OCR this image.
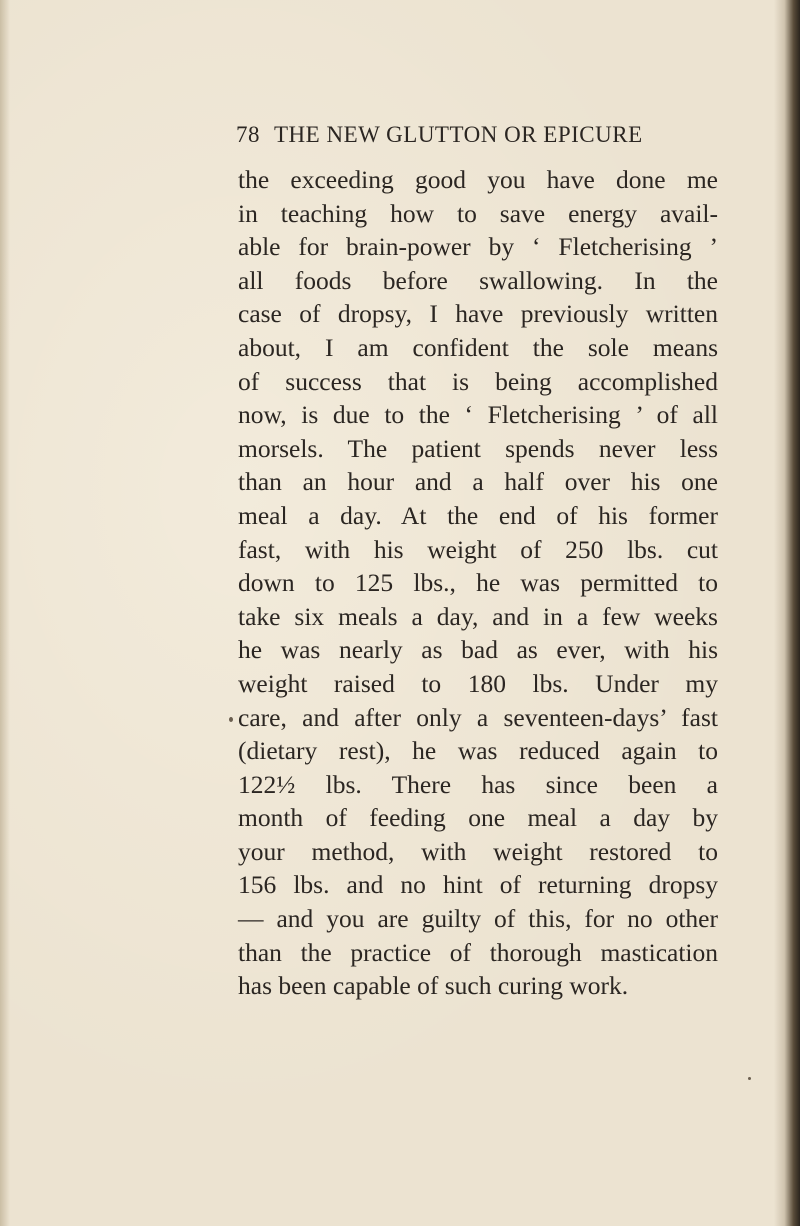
78 THE NEW GLUTTON OR EPICURE
the exceeding good you have done me
in teaching how to save energy avail-
able for brain-power by ‘ Fletcherising ’
all foods before swallowing. In the
case of dropsy, I have previously written
about, I am confident the sole means
of success that is being accomplished
now, is due to the ‘ Fletcherising ’ of all
morsels. The patient spends never less
than an hour and a half over his one
meal a day. At the end of his former
fast, with his weight of 250 lbs. cut
down to 125 lbs., he was permitted to
take six meals a day, and in a few weeks
he was nearly as bad as ever, with his
weight raised to 180 lbs. Under my
care, and after only a seventeen-days’ fast
(dietary rest), he was reduced again to
122½ lbs. There has since been a
month of feeding one meal a day by
your method, with weight restored to
156 lbs. and no hint of returning dropsy
— and you are guilty of this, for no other
than the practice of thorough mastication
has been capable of such curing work.
